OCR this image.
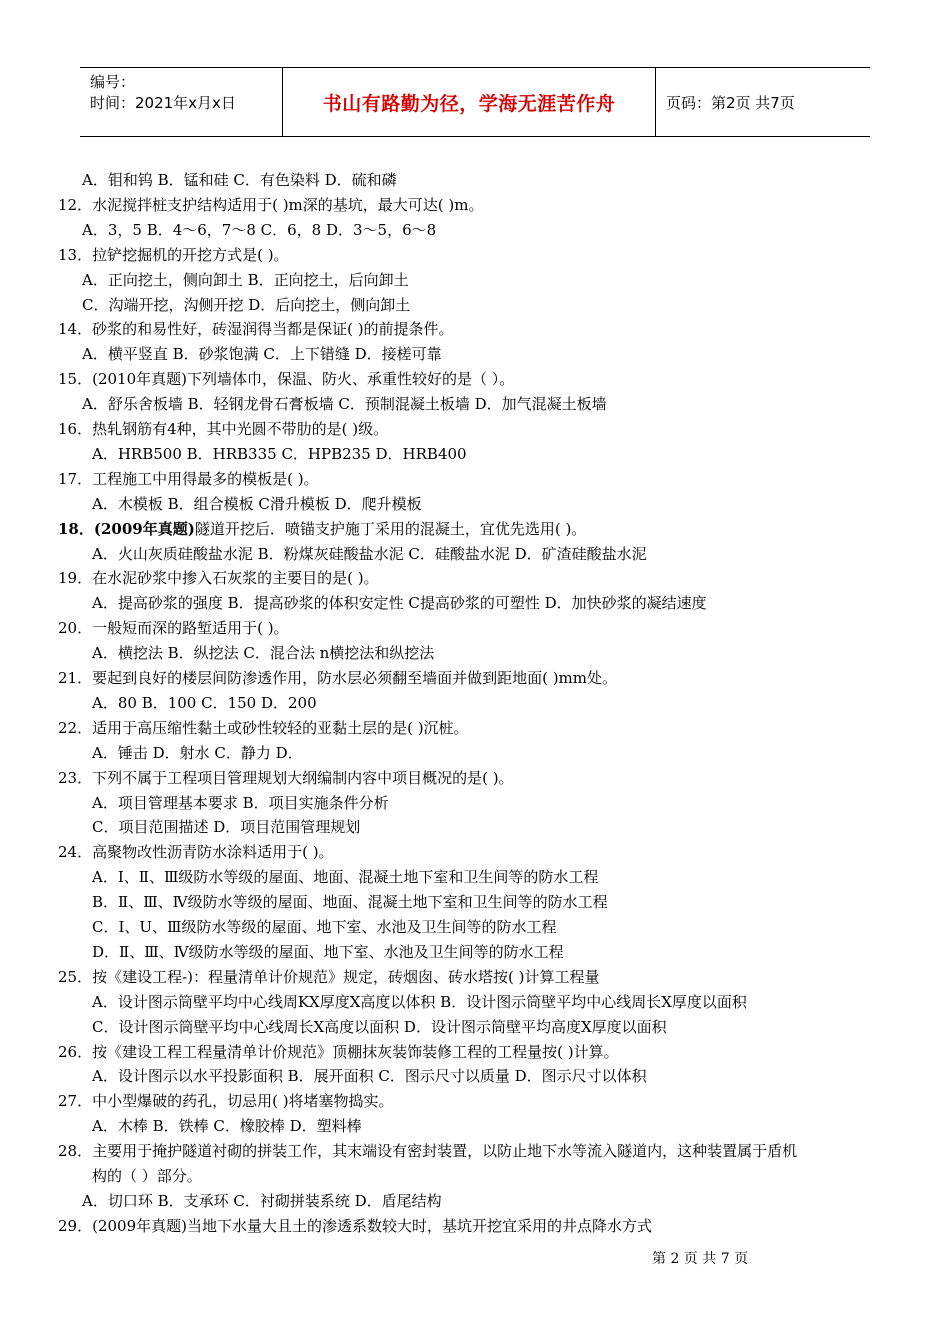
编号：
时间：2021年x月x日	书山有路勤为径，学海无涯苦作舟	页码：第2页 共7页
A．钼和钨 B．锰和硅 C．有色染料 D．硫和磷
12．水泥搅拌桩支护结构适用于( )m深的基坑，最大可达( )m。
A．3，5 B．4～6，7～8 C．6，8 D．3～5，6～8
13．拉铲挖掘机的开挖方式是( )。
A．正向挖土，侧向卸土 B．正向挖土，后向卸土
C．沟端开挖，沟侧开挖 D．后向挖土，侧向卸土
14．砂浆的和易性好，砖湿润得当都是保证( )的前提条件。
A．横平竖直 B．砂浆饱满 C．上下错缝 D．接槎可靠
15．(2010年真题)下列墙体巾，保温、防火、承重性较好的是（ ）。
A．舒乐舍板墙 B．轻钢龙骨石膏板墙 C．预制混凝土板墙 D．加气混凝土板墙
16．热轧钢筋有4种，其中光圆不带肋的是( )级。
A．HRB500 B．HRB335 C．HPB235 D．HRB400
17．工程施工中用得最多的模板是( )。
A．木模板 B．组合模板 C滑升模板 D．爬升模板
18．(2009年真题)隧道开挖后．喷锚支护施丁采用的混凝土，宜优先选用( )。
A．火山灰质硅酸盐水泥 B．粉煤灰硅酸盐水泥 C．硅酸盐水泥 D．矿渣硅酸盐水泥
19．在水泥砂浆中掺入石灰浆的主要目的是( )。
A．提高砂浆的强度 B．提高砂浆的体积安定性 C提高砂浆的可塑性 D．加快砂浆的凝结速度
20．一般短而深的路堑适用于( )。
A．横挖法 B．纵挖法 C．混合法 n横挖法和纵挖法
21．要起到良好的楼层间防渗透作用，防水层必须翻至墙面并做到距地面( )mm处。
A．80 B．100 C．150 D．200
22．适用于高压缩性黏土或砂性较轻的亚黏土层的是( )沉桩。
A．锤击 D．射水 C．静力 D．
23．下列不属于工程项目管理规划大纲编制内容中项目概况的是( )。
A．项目管理基本要求 B．项目实施条件分析
C．项目范围描述 D．项目范围管理规划
24．高聚物改性沥青防水涂料适用于( )。
A．I、Ⅱ、Ⅲ级防水等级的屋面、地面、混凝土地下室和卫生间等的防水工程
B．Ⅱ、Ⅲ、Ⅳ级防水等级的屋面、地面、混凝土地下室和卫生间等的防水工程
C．I、U、Ⅲ级防水等级的屋面、地下室、水池及卫生间等的防水工程
D．Ⅱ、Ⅲ、Ⅳ级防水等级的屋面、地下室、水池及卫生间等的防水工程
25．按《建设工程-)：程量清单计价规范》规定，砖烟囱、砖水塔按( )计算工程量
A．设计图示筒壁平均中心线周KX厚度X高度以体积 B．设计图示筒壁平均中心线周长X厚度以面积
C．设计图示筒壁平均中心线周长X高度以面积 D．设计图示筒壁平均高度X厚度以面积
26．按《建设工程工程量清单计价规范》顶棚抹灰装饰装修工程的工程量按( )计算。
A．设计图示以水平投影面积 B．展开面积 C．图示尺寸以质量 D．图示尺寸以体积
27．中小型爆破的药孔，切忌用( )将堵塞物捣实。
A．木棒 B．铁棒 C．橡胶棒 D．塑料棒
28．主要用于掩护隧道衬砌的拼装工作，其末端设有密封装置，以防止地下水等流入隧道内，这种装置属于盾机
构的（ ）部分。
A．切口环 B．支承环 C．衬砌拼装系统 D．盾尾结构
29．(2009年真题)当地下水量大且土的渗透系数较大时，基坑开挖宜采用的井点降水方式
第 2 页 共 7 页
